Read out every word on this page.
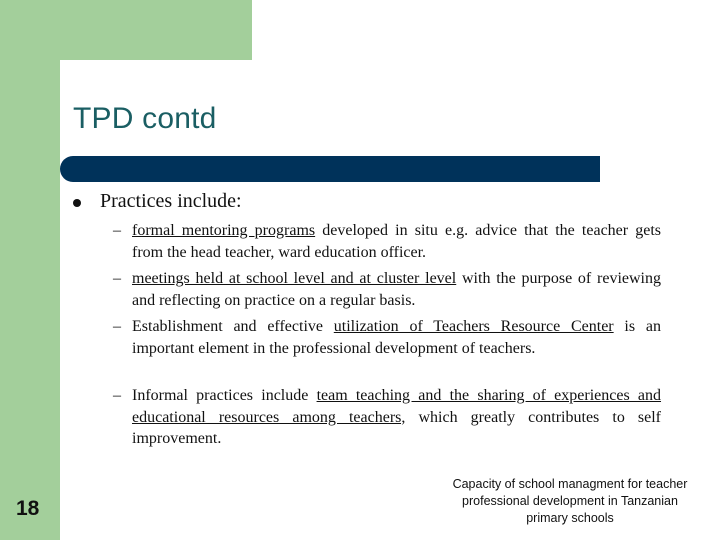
TPD contd
Practices include:
– formal mentoring programs developed in situ e.g. advice that the teacher gets from the head teacher, ward education officer.
– meetings held at school level and at cluster level with the purpose of reviewing and reflecting on practice on a regular basis.
– Establishment and effective utilization of Teachers Resource Center is an important element in the professional development of teachers.
– Informal practices include team teaching and the sharing of experiences and educational resources among teachers, which greatly contributes to self improvement.
18
Capacity of school managment for teacher professional development in Tanzanian primary schools
